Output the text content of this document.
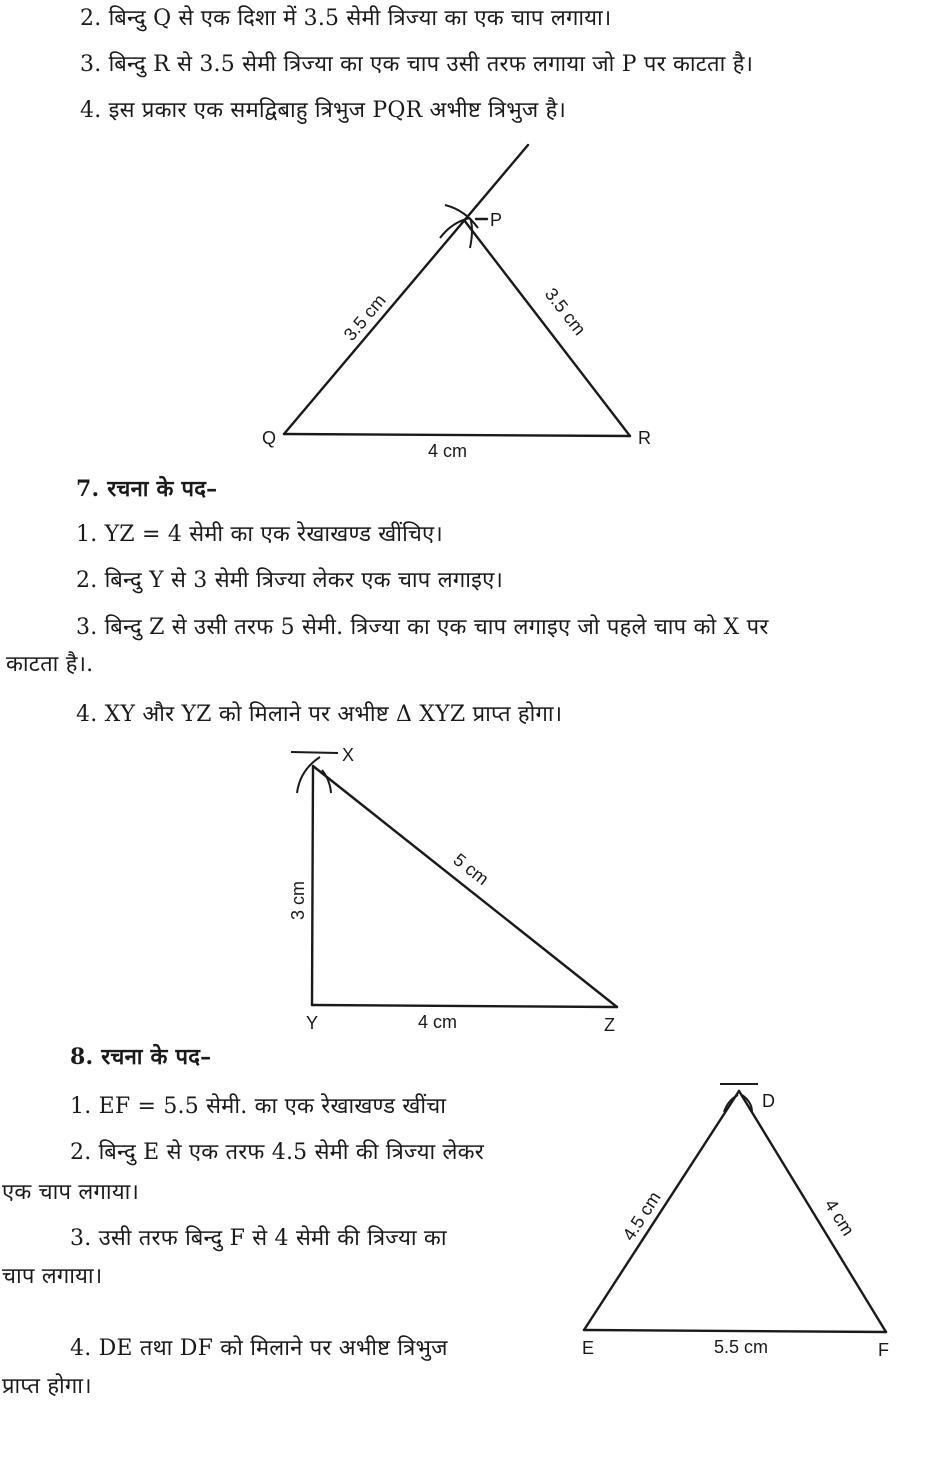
2. बिन्दु Q से एक दिशा में 3.5 सेमी त्रिज्या का एक चाप लगाया।
3. बिन्दु R से 3.5 सेमी त्रिज्या का एक चाप उसी तरफ लगाया जो P पर काटता है।
4. इस प्रकार एक समद्विबाहु त्रिभुज PQR अभीष्ट त्रिभुज है।
P
Q	R
3.5 cm	3.5 cm
4 cm
7. रचना के पद–
1. YZ = 4 सेमी का एक रेखाखण्ड खींचिए।
2. बिन्दु Y से 3 सेमी त्रिज्या लेकर एक चाप लगाइए।
3. बिन्दु Z से उसी तरफ 5 सेमी. त्रिज्या का एक चाप लगाइए जो पहले चाप को X पर
काटता है।.
4. XY और YZ को मिलाने पर अभीष्ट Δ XYZ प्राप्त होगा।
X
Y	Z
3 cm
5 cm
4 cm
8. रचना के पद–
1. EF = 5.5 सेमी. का एक रेखाखण्ड खींचा
2. बिन्दु E से एक तरफ 4.5 सेमी की त्रिज्या लेकर
एक चाप लगाया।
3. उसी तरफ बिन्दु F से 4 सेमी की त्रिज्या का
चाप लगाया।
4. DE तथा DF को मिलाने पर अभीष्ट त्रिभुज
प्राप्त होगा।
D
E	F
4.5 cm	4 cm
5.5 cm
